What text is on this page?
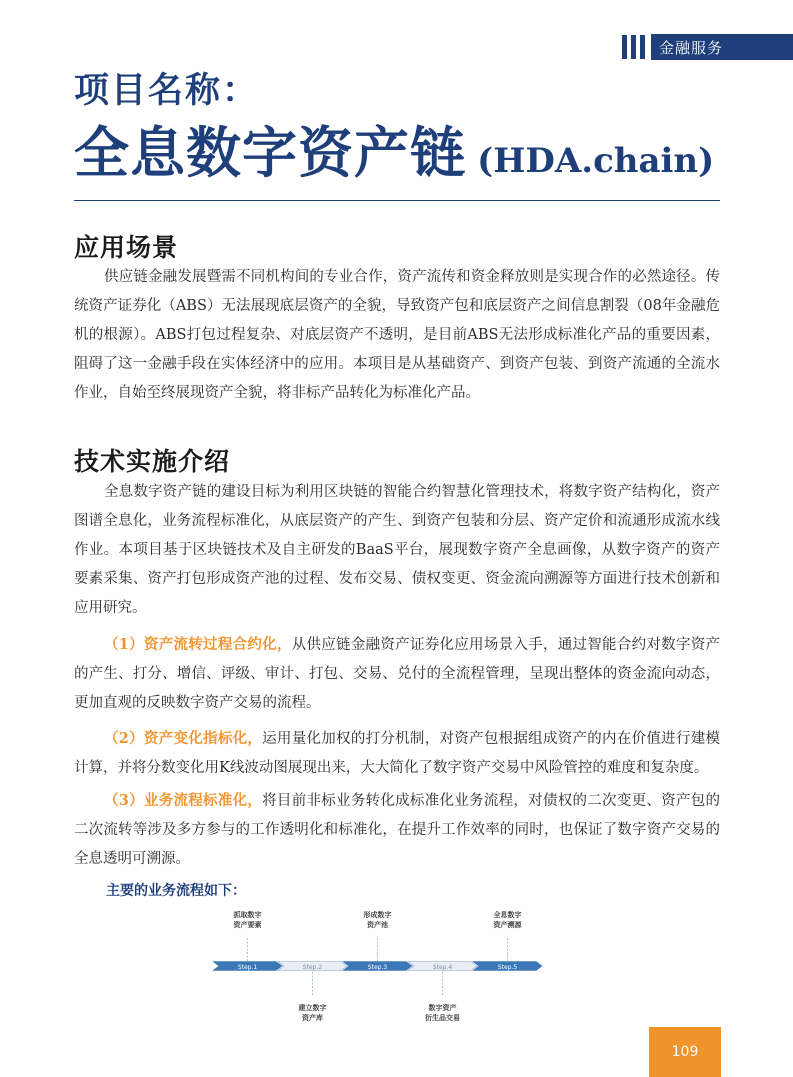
金融服务
项目名称：
全息数字资产链 (HDA.chain)
应用场景

供应链金融发展暨需不同机构间的专业合作，资产流传和资金释放则是实现合作的必然途径。传统资产证券化（ABS）无法展现底层资产的全貌，导致资产包和底层资产之间信息割裂（08年金融危机的根源）。ABS打包过程复杂、对底层资产不透明，是目前ABS无法形成标准化产品的重要因素，阻碍了这一金融手段在实体经济中的应用。本项目是从基础资产、到资产包装、到资产流通的全流水作业，自始至终展现资产全貌，将非标产品转化为标准化产品。

技术实施介绍

全息数字资产链的建设目标为利用区块链的智能合约智慧化管理技术，将数字资产结构化，资产图谱全息化，业务流程标准化，从底层资产的产生、到资产包装和分层、资产定价和流通形成流水线作业。本项目基于区块链技术及自主研发的BaaS平台，展现数字资产全息画像，从数字资产的资产要素采集、资产打包形成资产池的过程、发布交易、债权变更、资金流向溯源等方面进行技术创新和应用研究。

（1）资产流转过程合约化，从供应链金融资产证券化应用场景入手，通过智能合约对数字资产的产生、打分、增信、评级、审计、打包、交易、兑付的全流程管理，呈现出整体的资金流向动态，更加直观的反映数字资产交易的流程。

（2）资产变化指标化，运用量化加权的打分机制，对资产包根据组成资产的内在价值进行建模计算，并将分数变化用K线波动图展现出来，大大简化了数字资产交易中风险管控的难度和复杂度。

（3）业务流程标准化，将目前非标业务转化成标准化业务流程，对债权的二次变更、资产包的二次流转等涉及多方参与的工作透明化和标准化，在提升工作效率的同时，也保证了数字资产交易的全息透明可溯源。

主要的业务流程如下：

Step.1
抓取数字
资产要素
Step.2
建立数字
资产库
Step.3
形成数字
资产池
Step.4
数字资产
衍生品交易
Step.5
全息数字
资产溯源
109
